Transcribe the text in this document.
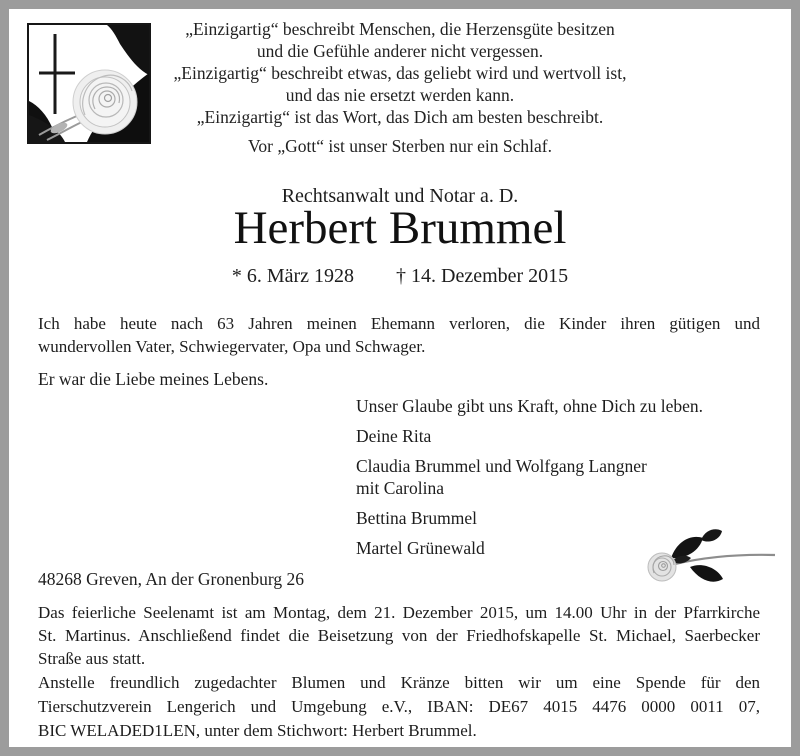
„Einzigartig“ beschreibt Menschen, die Herzensgüte besitzen
und die Gefühle anderer nicht vergessen.
„Einzigartig“ beschreibt etwas, das geliebt wird und wertvoll ist,
und das nie ersetzt werden kann.
„Einzigartig“ ist das Wort, das Dich am besten beschreibt.
Vor „Gott“ ist unser Sterben nur ein Schlaf.
Rechtsanwalt und Notar a. D.
Herbert Brummel
* 6. März 1928 † 14. Dezember 2015
Ich habe heute nach 63 Jahren meinen Ehemann verloren, die Kinder ihren gütigen und
wundervollen Vater, Schwiegervater, Opa und Schwager.
Er war die Liebe meines Lebens.
Unser Glaube gibt uns Kraft, ohne Dich zu leben.
Deine Rita
Claudia Brummel und Wolfgang Langner
mit Carolina
Bettina Brummel
Martel Grünewald
48268 Greven, An der Gronenburg 26
Das feierliche Seelenamt ist am Montag, dem 21. Dezember 2015, um 14.00 Uhr in der Pfarrkirche
St. Martinus. Anschließend findet die Beisetzung von der Friedhofskapelle St. Michael, Saerbecker
Straße aus statt.
Anstelle freundlich zugedachter Blumen und Kränze bitten wir um eine Spende für den
Tierschutzverein Lengerich und Umgebung e.V., IBAN: DE67 4015 4476 0000 0011 07,
BIC WELADED1LEN, unter dem Stichwort: Herbert Brummel.
